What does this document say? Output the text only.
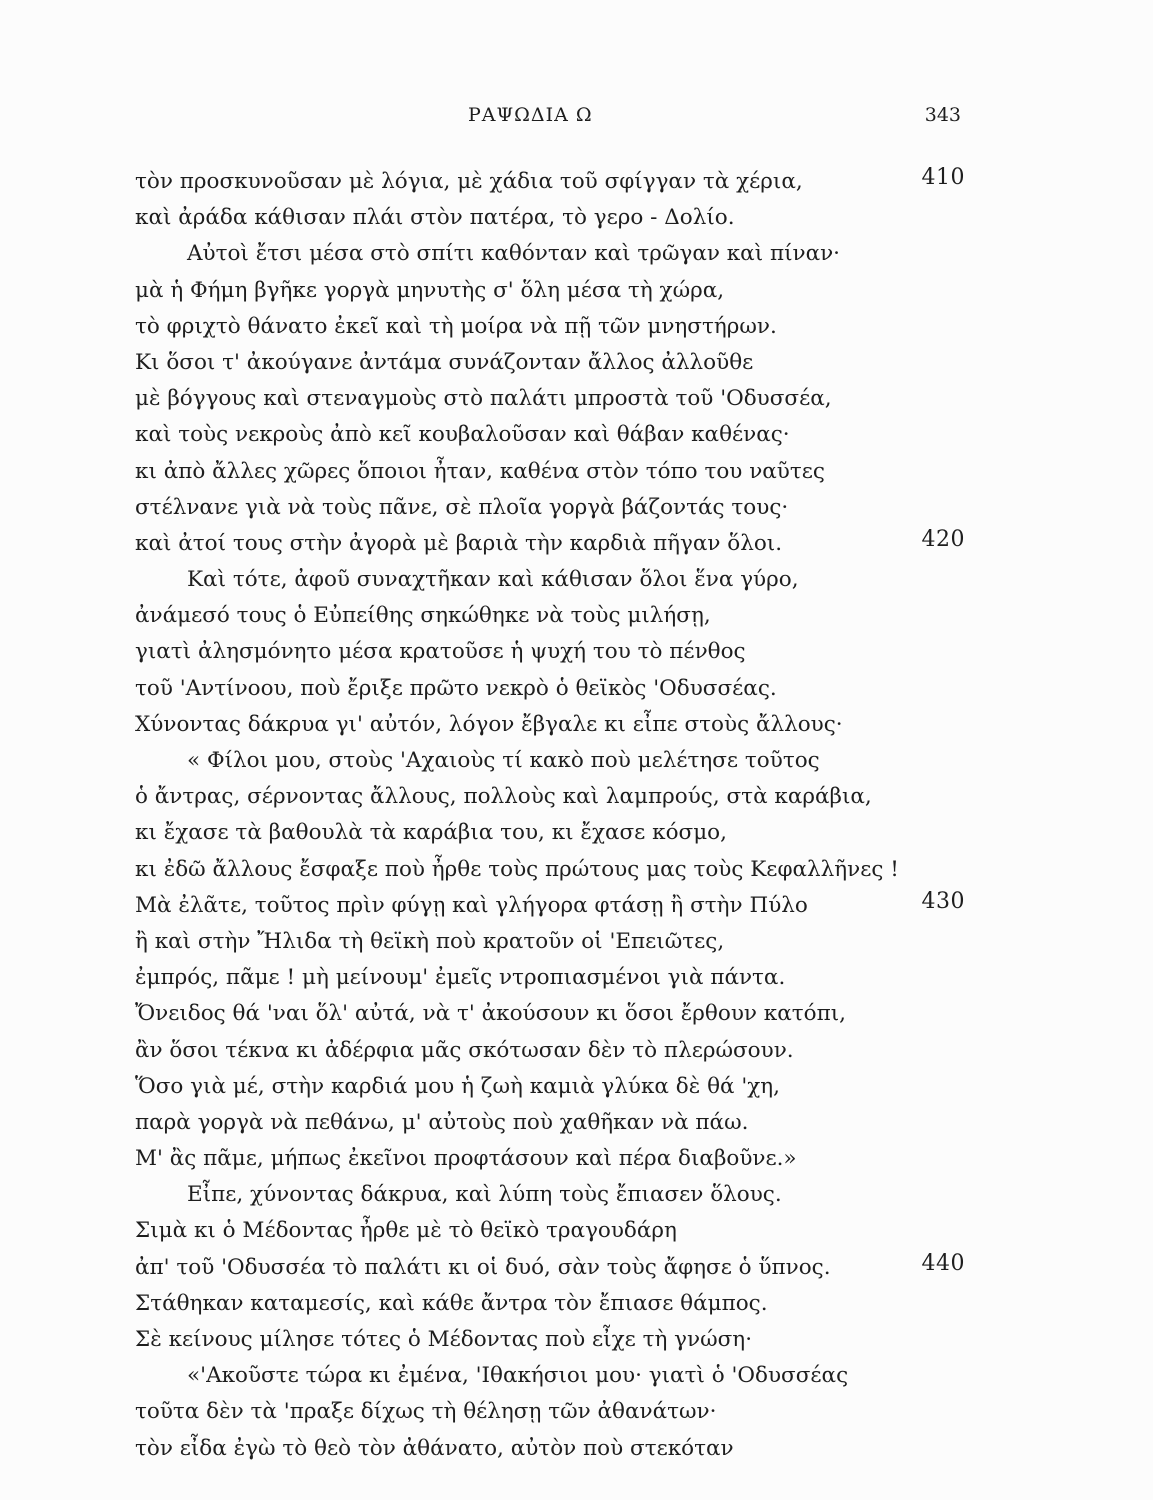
ΡΑΨΩΔΙΑ Ω	343
τὸν προσκυνοῦσαν μὲ λόγια, μὲ χάδια τοῦ σφίγγαν τὰ χέρια,	410
καὶ ἀράδα κάθισαν πλάι στὸν πατέρα, τὸ γερο - Δολίο.
Αὐτοὶ ἔτσι μέσα στὸ σπίτι καθόνταν καὶ τρῶγαν καὶ πίναν·
μὰ ἡ Φήμη βγῆκε γοργὰ μηνυτὴς σ' ὅλη μέσα τὴ χώρα,
τὸ φριχτὸ θάνατο ἐκεῖ καὶ τὴ μοίρα νὰ πῇ τῶν μνηστήρων.
Κι ὅσοι τ' ἀκούγανε ἀντάμα συνάζονταν ἄλλος ἀλλοῦθε
μὲ βόγγους καὶ στεναγμοὺς στὸ παλάτι μπροστὰ τοῦ 'Οδυσσέα,
καὶ τοὺς νεκροὺς ἀπὸ κεῖ κουβαλοῦσαν καὶ θάβαν καθένας·
κι ἀπὸ ἄλλες χῶρες ὅποιοι ἦταν, καθένα στὸν τόπο του ναῦτες
στέλνανε γιὰ νὰ τοὺς πᾶνε, σὲ πλοῖα γοργὰ βάζοντάς τους·
καὶ ἀτοί τους στὴν ἀγορὰ μὲ βαριὰ τὴν καρδιὰ πῆγαν ὅλοι.	420
Καὶ τότε, ἀφοῦ συναχτῆκαν καὶ κάθισαν ὅλοι ἕνα γύρο,
ἀνάμεσό τους ὁ Εὐπείθης σηκώθηκε νὰ τοὺς μιλήσῃ,
γιατὶ ἀλησμόνητο μέσα κρατοῦσε ἡ ψυχή του τὸ πένθος
τοῦ 'Αντίνοου, ποὺ ἔριξε πρῶτο νεκρὸ ὁ θεϊκὸς 'Οδυσσέας.
Χύνοντας δάκρυα γι' αὐτόν, λόγον ἔβγαλε κι εἶπε στοὺς ἄλλους·
« Φίλοι μου, στοὺς 'Αχαιοὺς τί κακὸ ποὺ μελέτησε τοῦτος
ὁ ἄντρας, σέρνοντας ἄλλους, πολλοὺς καὶ λαμπρούς, στὰ καράβια,
κι ἔχασε τὰ βαθουλὰ τὰ καράβια του, κι ἔχασε κόσμο,
κι ἐδῶ ἄλλους ἔσφαξε ποὺ ἦρθε τοὺς πρώτους μας τοὺς Κεφαλλῆνες !
Μὰ ἐλᾶτε, τοῦτος πρὶν φύγῃ καὶ γλήγορα φτάσῃ ἢ στὴν Πύλο	430
ἢ καὶ στὴν Ἤλιδα τὴ θεϊκὴ ποὺ κρατοῦν οἱ 'Επειῶτες,
ἐμπρός, πᾶμε ! μὴ μείνουμ' ἐμεῖς ντροπιασμένοι γιὰ πάντα.
Ὄνειδος θά 'ναι ὅλ' αὐτά, νὰ τ' ἀκούσουν κι ὅσοι ἔρθουν κατόπι,
ἂν ὅσοι τέκνα κι ἀδέρφια μᾶς σκότωσαν δὲν τὸ πλερώσουν.
Ὅσο γιὰ μέ, στὴν καρδιά μου ἡ ζωὴ καμιὰ γλύκα δὲ θά 'χη,
παρὰ γοργὰ νὰ πεθάνω, μ' αὐτοὺς ποὺ χαθῆκαν νὰ πάω.
Μ' ἂς πᾶμε, μήπως ἐκεῖνοι προφτάσουν καὶ πέρα διαβοῦνε.»
Εἶπε, χύνοντας δάκρυα, καὶ λύπη τοὺς ἔπιασεν ὅλους.
Σιμὰ κι ὁ Μέδοντας ἦρθε μὲ τὸ θεϊκὸ τραγουδάρη
ἀπ' τοῦ 'Οδυσσέα τὸ παλάτι κι οἱ δυό, σὰν τοὺς ἄφησε ὁ ὕπνος.	440
Στάθηκαν καταμεσίς, καὶ κάθε ἄντρα τὸν ἔπιασε θάμπος.
Σὲ κείνους μίλησε τότες ὁ Μέδοντας ποὺ εἶχε τὴ γνώση·
«'Ακοῦστε τώρα κι ἐμένα, 'Ιθακήσιοι μου· γιατὶ ὁ 'Οδυσσέας
τοῦτα δὲν τὰ 'πραξε δίχως τὴ θέλησῃ τῶν ἀθανάτων·
τὸν εἶδα ἐγὼ τὸ θεὸ τὸν ἀθάνατο, αὐτὸν ποὺ στεκόταν
